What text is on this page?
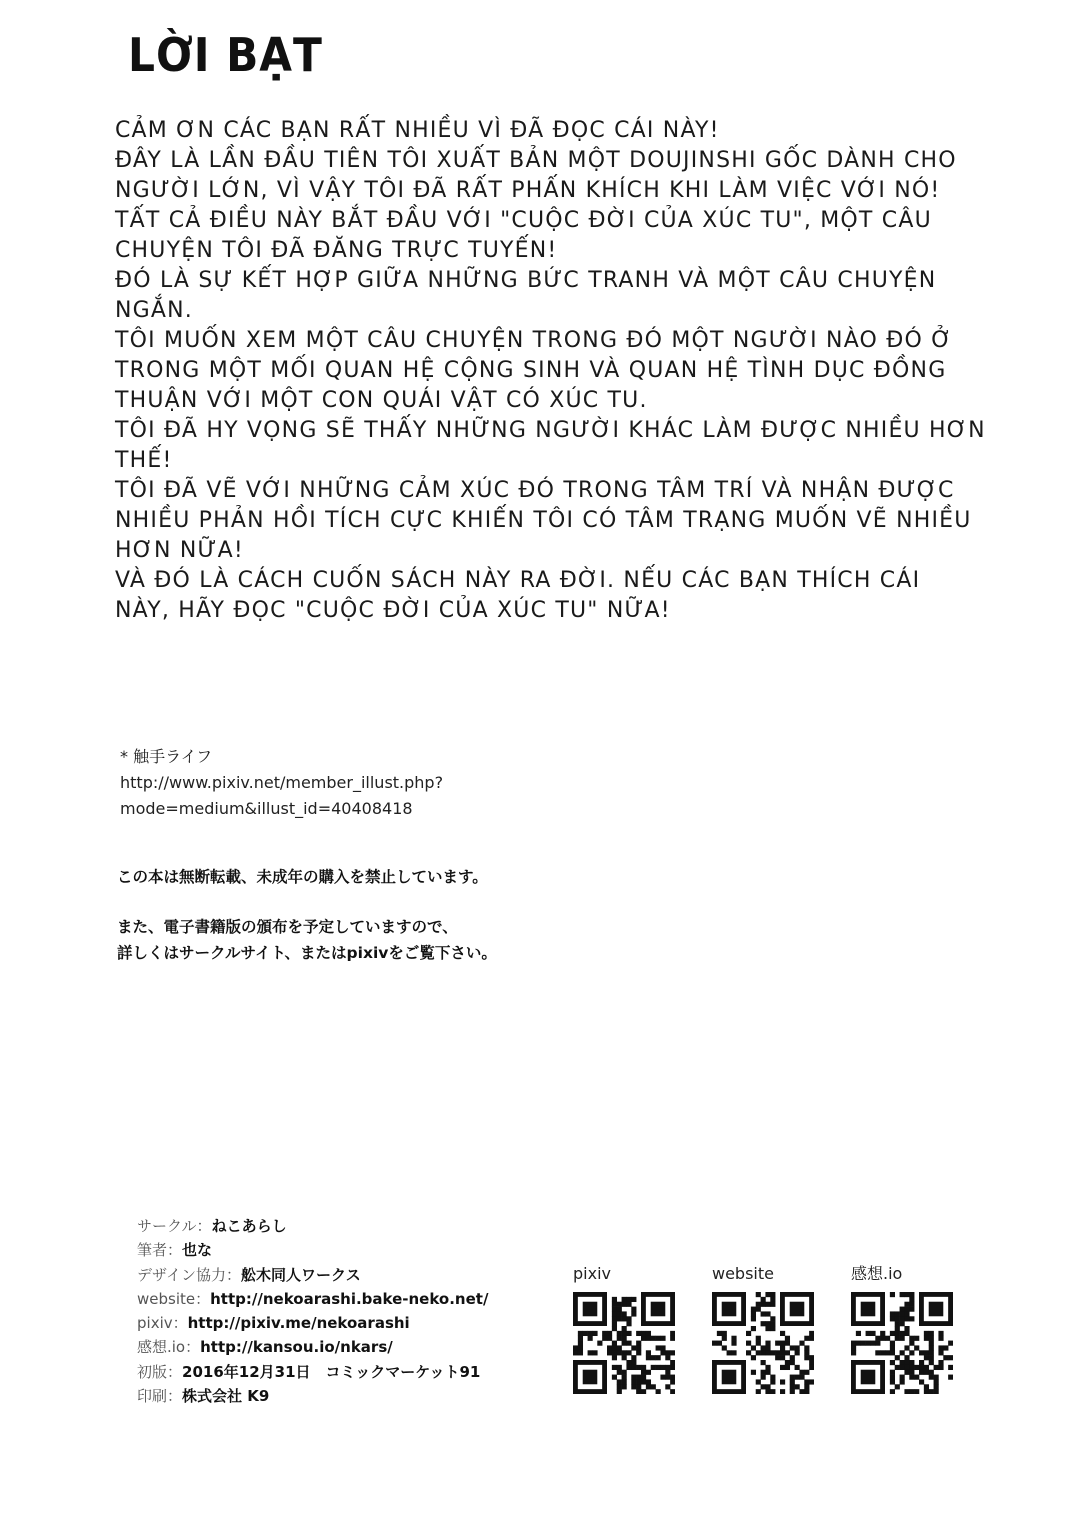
LỜI BẠT
CẢM ƠN CÁC BẠN RẤT NHIỀU VÌ ĐÃ ĐỌC CÁI NÀY!
ĐÂY LÀ LẦN ĐẦU TIÊN TÔI XUẤT BẢN MỘT DOUJINSHI GỐC DÀNH CHO
NGƯỜI LỚN, VÌ VẬY TÔI ĐÃ RẤT PHẤN KHÍCH KHI LÀM VIỆC VỚI NÓ!
TẤT CẢ ĐIỀU NÀY BẮT ĐẦU VỚI "CUỘC ĐỜI CỦA XÚC TU", MỘT CÂU
CHUYỆN TÔI ĐÃ ĐĂNG TRỰC TUYẾN!
ĐÓ LÀ SỰ KẾT HỢP GIỮA NHỮNG BỨC TRANH VÀ MỘT CÂU CHUYỆN
NGẮN.
TÔI MUỐN XEM MỘT CÂU CHUYỆN TRONG ĐÓ MỘT NGƯỜI NÀO ĐÓ Ở
TRONG MỘT MỐI QUAN HỆ CỘNG SINH VÀ QUAN HỆ TÌNH DỤC ĐỒNG
THUẬN VỚI MỘT CON QUÁI VẬT CÓ XÚC TU.
TÔI ĐÃ HY VỌNG SẼ THẤY NHỮNG NGƯỜI KHÁC LÀM ĐƯỢC NHIỀU HƠN
THẾ!
TÔI ĐÃ VẼ VỚI NHỮNG CẢM XÚC ĐÓ TRONG TÂM TRÍ VÀ NHẬN ĐƯỢC
NHIỀU PHẢN HỒI TÍCH CỰC KHIẾN TÔI CÓ TÂM TRẠNG MUỐN VẼ NHIỀU
HƠN NỮA!
VÀ ĐÓ LÀ CÁCH CUỐN SÁCH NÀY RA ĐỜI. NẾU CÁC BẠN THÍCH CÁI
NÀY, HÃY ĐỌC "CUỘC ĐỜI CỦA XÚC TU" NỮA!
* 触手ライフ
http://www.pixiv.net/member_illust.php?
mode=medium&illust_id=40408418
この本は無断転載、未成年の購入を禁止しています。
また、電子書籍版の頒布を予定していますので、
詳しくはサークルサイト、またはpixivをご覧下さい。
サークル：ねこあらし
筆者：也な
デザイン協力：舩木同人ワークス
website：http://nekoarashi.bake-neko.net/
pixiv：http://pixiv.me/nekoarashi
感想.io：http://kansou.io/nkars/
初版：2016年12月31日　コミックマーケット91
印刷：株式会社 K9
pixiv	website	感想.io
